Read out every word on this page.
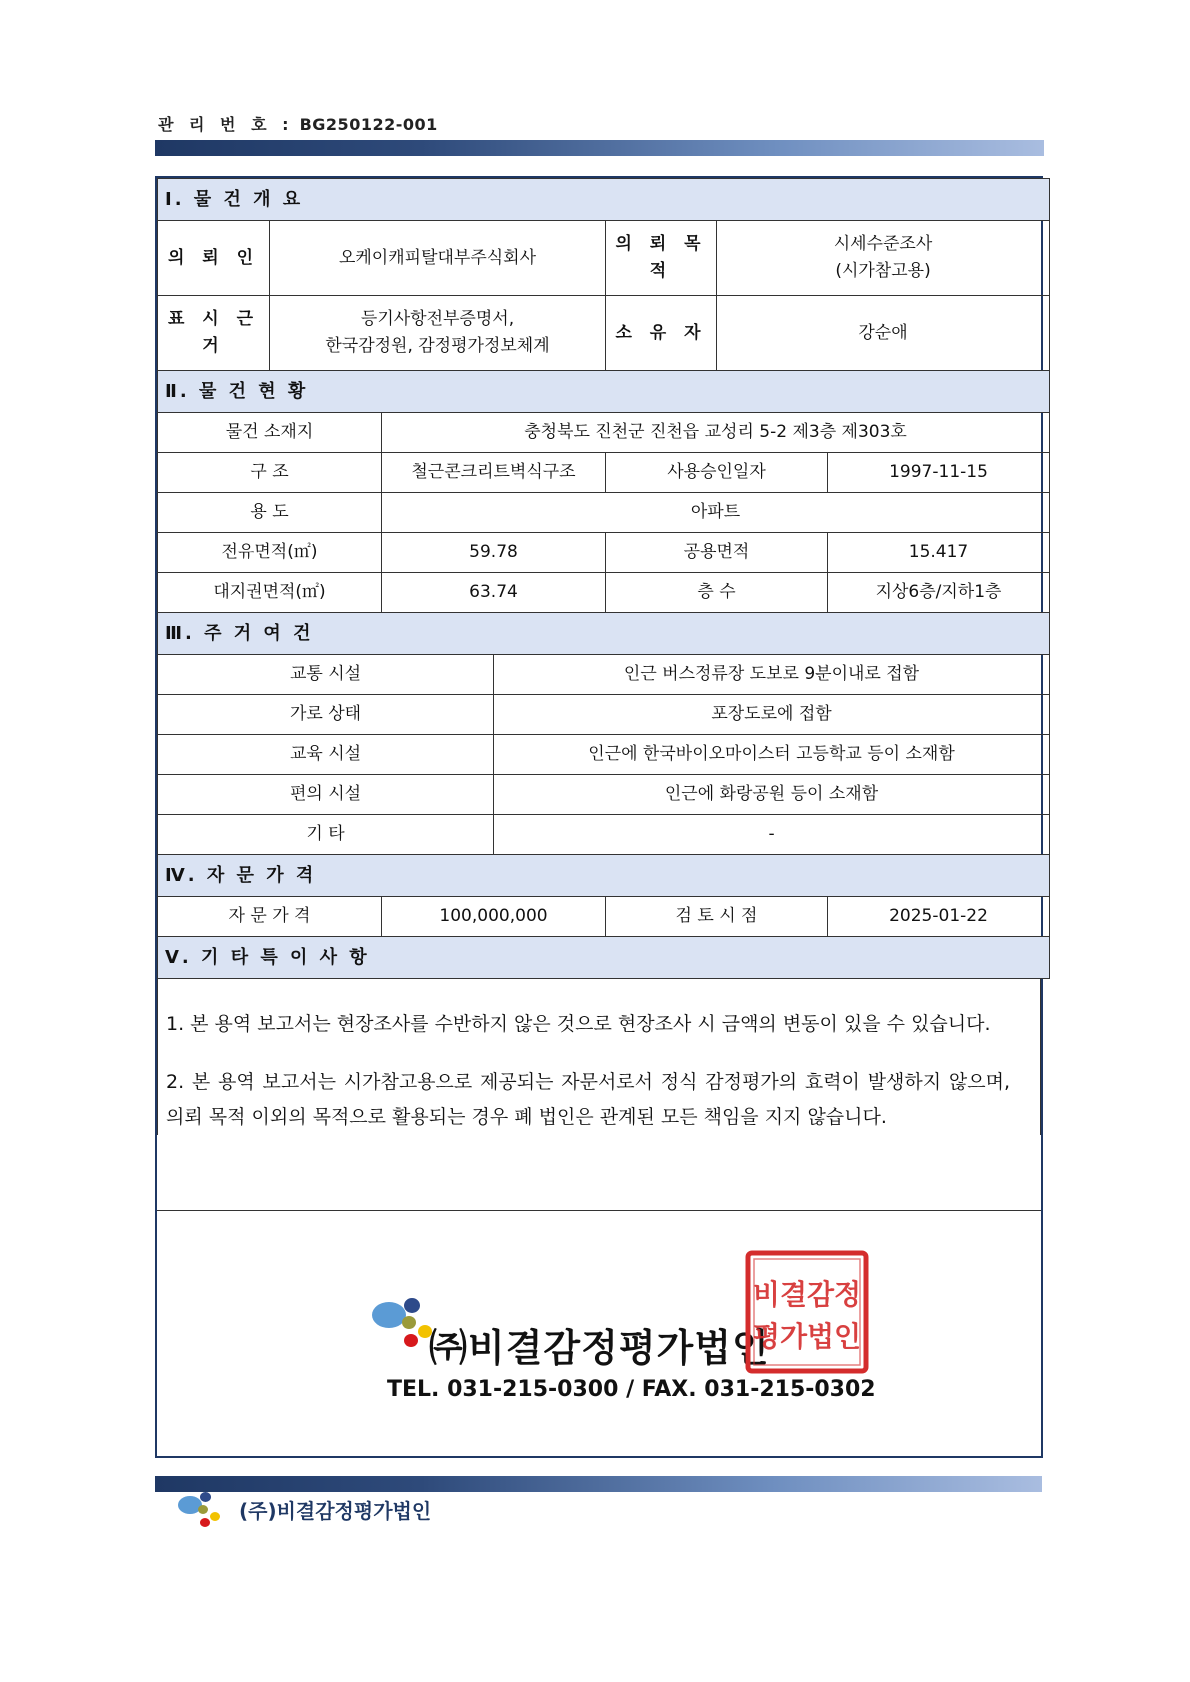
관 리 번 호 : BG250122-001
Ⅰ. 물 건 개 요						
의 뢰 인	오케이캐피탈대부주식회사			의 뢰 목 적	시세수준조사
(시가참고용)	

표 시 근 거	등기사항전부증명서,
한국감정원, 감정평가정보체계			소 유 자	강순애	
Ⅱ. 물 건 현 황						
물건 소재지		충청북도 진천군 진천읍 교성리 5-2 제3층 제303호				
구 조		철근콘크리트벽식구조		사용승인일자		1997-11-15
용 도		아파트				
전유면적(㎡)		59.78		공용면적		15.417
대지권면적(㎡)		63.74		층 수		지상6층/지하1층
Ⅲ. 주 거 여 건						
교통 시설			인근 버스정류장 도보로 9분이내로 접함			
가로 상태			포장도로에 접함			
교육 시설			인근에 한국바이오마이스터 고등학교 등이 소재함			
편의 시설			인근에 화랑공원 등이 소재함			
기 타			-			
Ⅳ. 자 문 가 격						
자 문 가 격		100,000,000		검 토 시 점		2025-01-22
Ⅴ. 기 타 특 이 사 항						

1. 본 용역 보고서는 현장조사를 수반하지 않은 것으로 현장조사 시 금액의 변동이 있을 수 있습니다.

2. 본 용역 보고서는 시가참고용으로 제공되는 자문서로서 정식 감정평가의 효력이 발생하지 않으며, 의뢰 목적 이외의 목적으로 활용되는 경우 폐 법인은 관계된 모든 책임을 지지 않습니다.

㈜비결감정평가법인
TEL. 031-215-0300 / FAX. 031-215-0302
비결감정
평가법인
(주)비결감정평가법인
